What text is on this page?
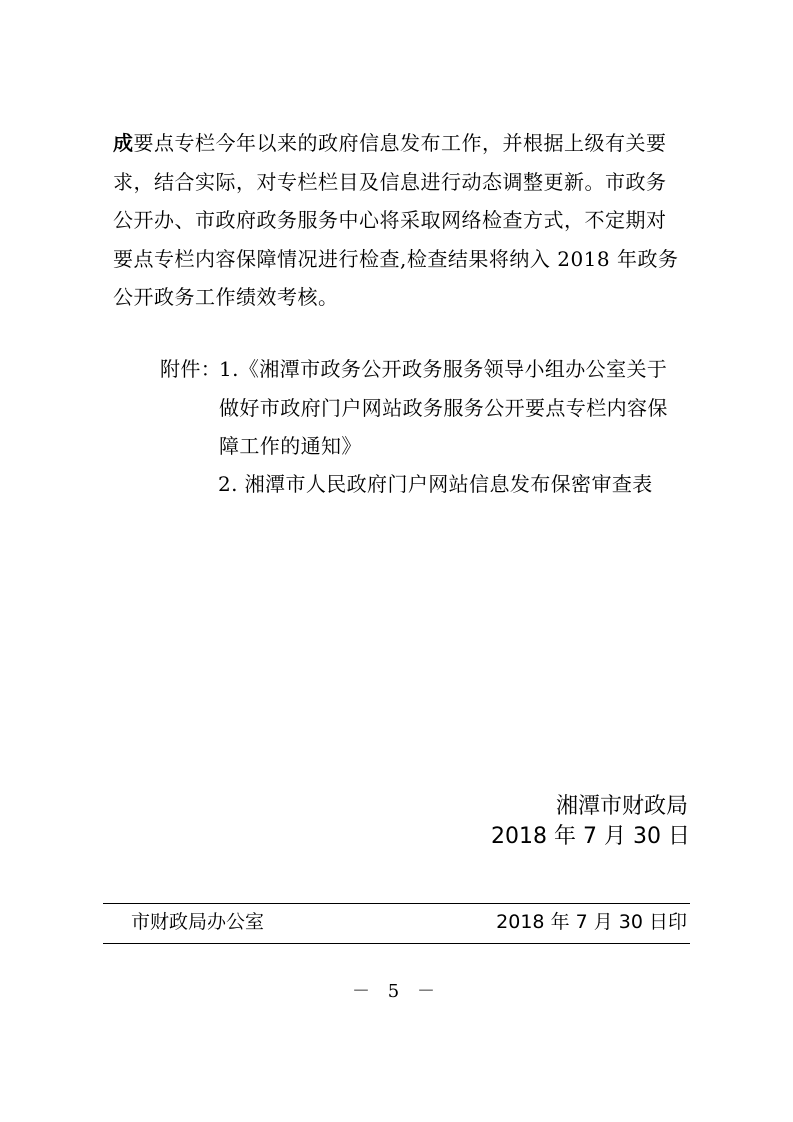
成要点专栏今年以来的政府信息发布工作，并根据上级有关要
求，结合实际，对专栏栏目及信息进行动态调整更新。市政务
公开办、市政府政务服务中心将采取网络检查方式，不定期对
要点专栏内容保障情况进行检查,检查结果将纳入 2018 年政务
公开政务工作绩效考核。
附件：
1.《湘潭市政务公开政务服务领导小组办公室关于
做好市政府门户网站政务服务公开要点专栏内容保
障工作的通知》
2. 湘潭市人民政府门户网站信息发布保密审查表
湘潭市财政局
2018 年 7 月 30 日
市财政局办公室	2018 年 7 月 30 日印
－ 5 －
